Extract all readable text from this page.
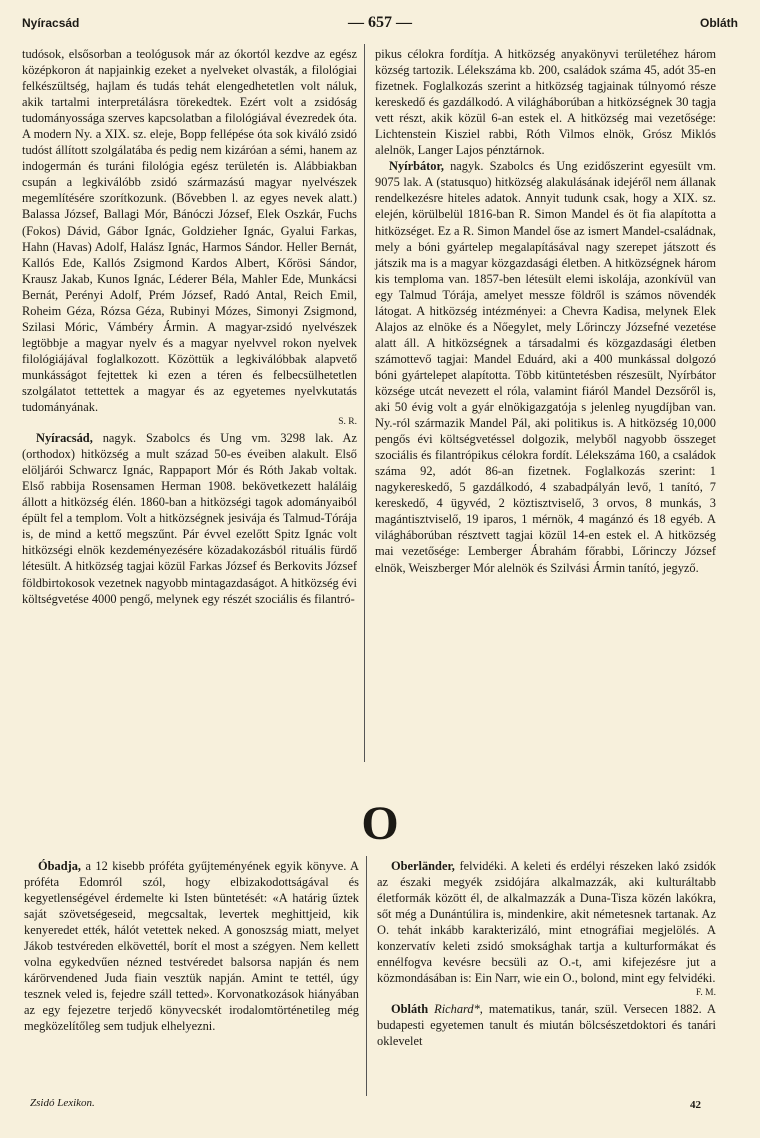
Nyíracsád	— 657 —	Obláth

tudósok, elsősorban a teológusok már az ókortól kezdve az egész középkoron át napjainkig ezeket a nyelveket olvasták, a filológiai felkészültség, hajlam és tudás tehát elengedhetetlen volt náluk, akik tartalmi interpretálásra törekedtek. Ezért volt a zsidóság tudományossága szerves kapcsolatban a filológiával évezredek óta. A modern Ny. a XIX. sz. eleje, Bopp fellépése óta sok kiváló zsidó tudóst állított szolgálatába és pedig nem kizáróan a sémi, hanem az indogermán és turáni filológia egész területén is. Alábbiakban csupán a legkiválóbb zsidó származású magyar nyelvészek megemlítésére szorítkozunk. (Bővebben l. az egyes nevek alatt.) Balassa József, Ballagi Mór, Bánóczi József, Elek Oszkár, Fuchs (Fokos) Dávid, Gábor Ignác, Goldzieher Ignác, Gyalui Farkas, Hahn (Havas) Adolf, Halász Ignác, Harmos Sándor. Heller Bernát, Kallós Ede, Kallós Zsigmond Kardos Albert, Kőrösi Sándor, Krausz Jakab, Kunos Ignác, Léderer Béla, Mahler Ede, Munkácsi Bernát, Perényi Adolf, Prém József, Radó Antal, Reich Emil, Roheim Géza, Rózsa Géza, Rubinyi Mózes, Simonyi Zsigmond, Szilasi Móric, Vámbéry Ármin. A magyar-zsidó nyelvészek legtöbbje a magyar nyelv és a magyar nyelvvel rokon nyelvek filológiájával foglalkozott. Közöttük a legkiválóbbak alapvető munkásságot fejtettek ki ezen a téren és felbecsülhetetlen szolgálatot tettettek a magyar és az egyetemes nyelvkutatás tudományának.

S. R.

Nyíracsád, nagyk. Szabolcs és Ung vm. 3298 lak. Az (orthodox) hitközség a mult század 50-es éveiben alakult. Első elöljárói Schwarcz Ignác, Rappaport Mór és Róth Jakab voltak. Első rabbija Rosensamen Herman 1908. bekövetkezett haláláig állott a hitközség élén. 1860-ban a hitközségi tagok adományaiból épült fel a templom. Volt a hitközségnek jesivája és Talmud-Tórája is, de mind a kettő megszűnt. Pár évvel ezelőtt Spitz Ignác volt hitközségi elnök kezdeményezésére közadakozásból rituális fürdő létesült. A hitközség tagjai közül Farkas József és Berkovits József földbirtokosok vezetnek nagyobb mintagazdaságot. A hitközség évi költségvetése 4000 pengő, melynek egy részét szociális és filantró-

pikus célokra fordítja. A hitközség anyakönyvi területéhez három község tartozik. Lélekszáma kb. 200, családok száma 45, adót 35-en fizetnek. Foglalkozás szerint a hitközség tagjainak túlnyomó része kereskedő és gazdálkodó. A világháborúban a hitközségnek 30 tagja vett részt, akik közül 6-an estek el. A hitközség mai vezetősége: Lichtenstein Kisziel rabbi, Róth Vilmos elnök, Grósz Miklós alelnök, Langer Lajos pénztárnok.

Nyírbátor, nagyk. Szabolcs és Ung ezidőszerint egyesült vm. 9075 lak. A (statusquo) hitközség alakulásának idejéről nem állanak rendelkezésre hiteles adatok. Annyit tudunk csak, hogy a XIX. sz. elején, körülbelül 1816-ban R. Simon Mandel és öt fia alapította a hitközséget. Ez a R. Simon Mandel őse az ismert Mandel-családnak, mely a bóni gyártelep megalapításával nagy szerepet játszott és játszik ma is a magyar közgazdasági életben. A hitközségnek három kis temploma van. 1857-ben létesült elemi iskolája, azonkívül van egy Talmud Tórája, amelyet messze földről is számos növendék látogat. A hitközség intézményei: a Chevra Kadisa, melynek Elek Alajos az elnöke és a Nőegylet, mely Lőrinczy Józsefné vezetése alatt áll. A hitközségnek a társadalmi és közgazdasági életben számottevő tagjai: Mandel Eduárd, aki a 400 munkással dolgozó bóni gyártelepet alapította. Több kitüntetésben részesült, Nyírbátor községe utcát nevezett el róla, valamint fiáról Mandel Dezsőről is, aki 50 évig volt a gyár elnökigazgatója s jelenleg nyugdíjban van. Ny.-ról származik Mandel Pál, aki politikus is. A hitközség 10,000 pengős évi költségvetéssel dolgozik, melyből nagyobb összeget szociális és filantrópikus célokra fordít. Lélekszáma 160, a családok száma 92, adót 86-an fizetnek. Foglalkozás szerint: 1 nagykereskedő, 5 gazdálkodó, 4 szabadpályán levő, 1 tanító, 7 kereskedő, 4 ügyvéd, 2 köztisztviselő, 3 orvos, 8 munkás, 3 magántisztviselő, 19 iparos, 1 mérnök, 4 magánzó és 18 egyéb. A világháborúban résztvett tagjai közül 14-en estek el. A hitközség mai vezetősége: Lemberger Ábrahám főrabbi, Lőrinczy József elnök, Weiszberger Mór alelnök és Szilvási Ármin tanító, jegyző.

O

Óbadja, a 12 kisebb próféta gyűjteményének egyik könyve. A próféta Edomról szól, hogy elbizakodottságával és kegyetlenségével érdemelte ki Isten büntetését: «A határig űztek saját szövetségeseid, megcsaltak, levertek meghittjeid, kik kenyeredet ették, hálót vetettek neked. A gonoszság miatt, melyet Jákob testvéreden elkövettél, borít el most a szégyen. Nem kellett volna egykedvűen nézned testvéredet balsorsa napján és nem kárörvendened Juda fiain vesztük napján. Amint te tettél, úgy tesznek veled is, fejedre száll tetted». Korvonatkozások hiányában az egy fejezetre terjedő könyvecskét irodalomtörténetileg még megközelítőleg sem tudjuk elhelyezni.

Oberländer, felvidéki. A keleti és erdélyi részeken lakó zsidók az északi megyék zsidójára alkalmazzák, aki kulturáltabb életformák között él, de alkalmazzák a Duna-Tisza közén lakókra, sőt még a Dunántúlira is, mindenkire, akit németesnek tartanak. Az O. tehát inkább karakterizáló, mint etnográfiai megjelölés. A konzervatív keleti zsidó smoksághak tartja a kulturformákat és ennélfogva kevésre becsüli az O.-t, ami kifejezésre jut a közmondásában is: Ein Narr, wie ein O., bolond, mint egy felvidéki.

F. M.

Obláth Richard*, matematikus, tanár, szül. Versecen 1882. A budapesti egyetemen tanult és miután bölcsészetdoktori és tanári oklevelet

Zsidó Lexikon.	42
